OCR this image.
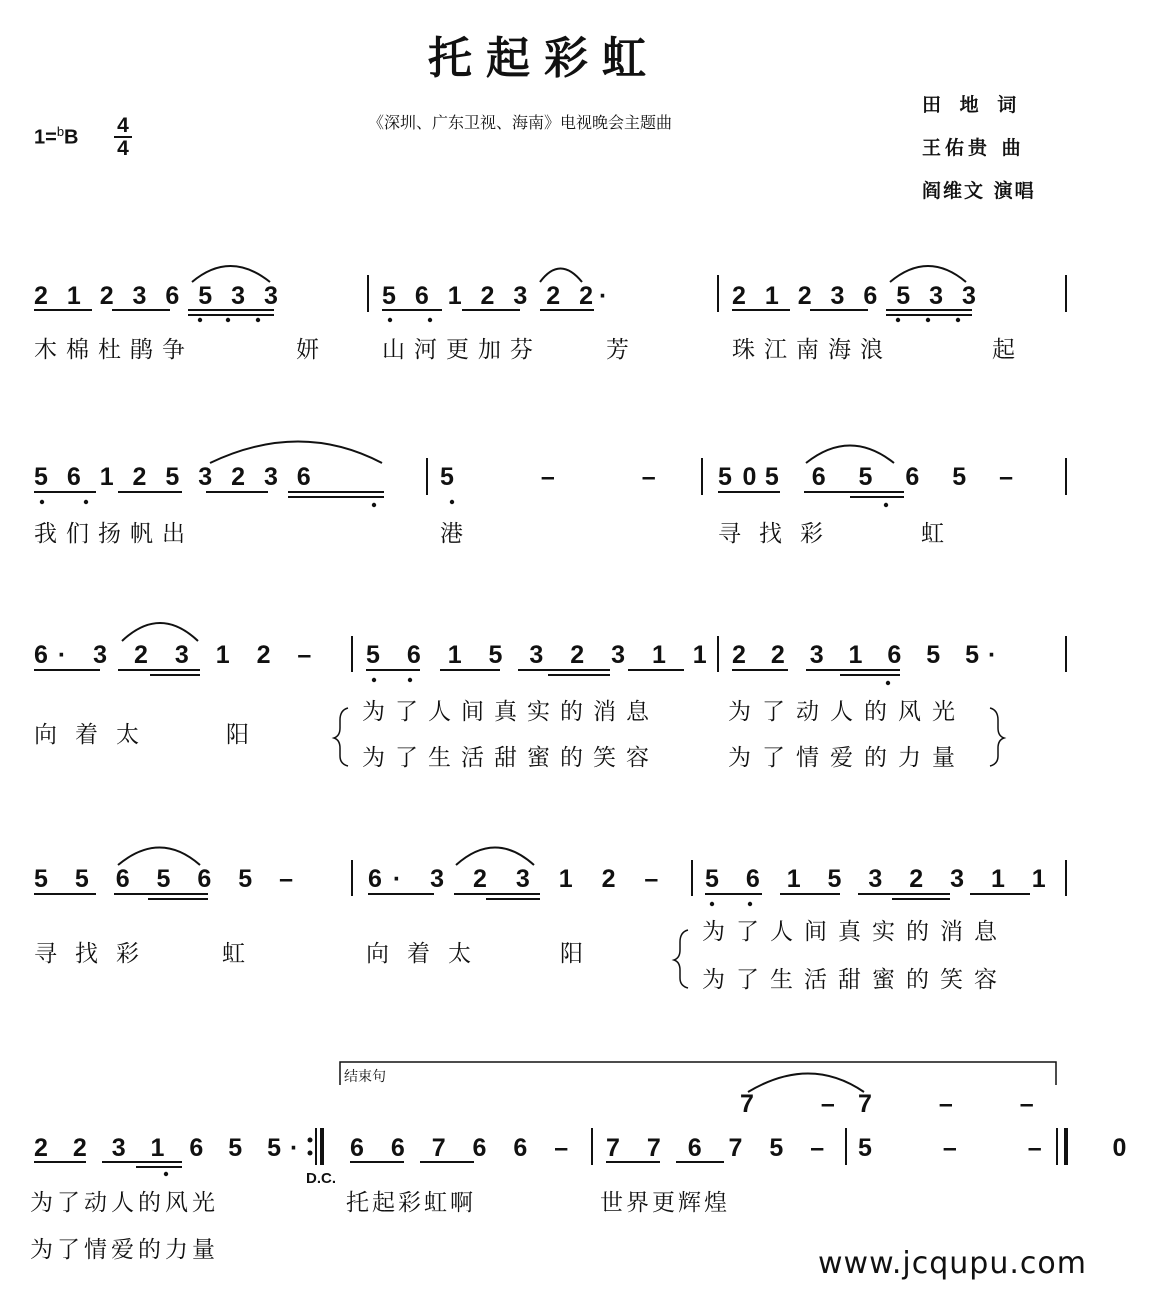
托起彩虹
《深圳、广东卫视、海南》电视晚会主题曲
田 地 词
王佑贵 曲
阎维文 演唱
1=$^b$B
4
4
2 1 2 3 6 5 3 3	5 6 1 2 3 2 2·	2 1 2 3 6 5 3 3
木棉杜鹃争	妍 山河更加芬	芳	珠江南海浪	起
5 6 1 2 5 3 2 3 6	5 – – 0
5 5 6 5 6 5 –
我们扬帆出	港	寻找彩	虹
6· 3 2 3 1 2 – 5 6 1 5 3 2 3 1 1 2 2 3 1 6 5 5·
向着太	阳
为了人间真实的消息	为了动人的风光
为了生活甜蜜的笑容	为了情爱的力量
5 5 6 5 6 5 –	6· 3 2 3 1 2 – 5 6 1 5 3 2 3 1 1
寻找彩	虹	向着太	阳
为了人间真实的消息
为了生活甜蜜的笑容
结束句
7 –
7 – –
2 2 3 1 6 5 5· 6 6 7 6 6 – 7 7 6 7 5 – 5 – – 0
D.C.
为了动人的风光
为了情爱的力量
托起彩虹啊	世界更辉煌
www.jcqupu.com
